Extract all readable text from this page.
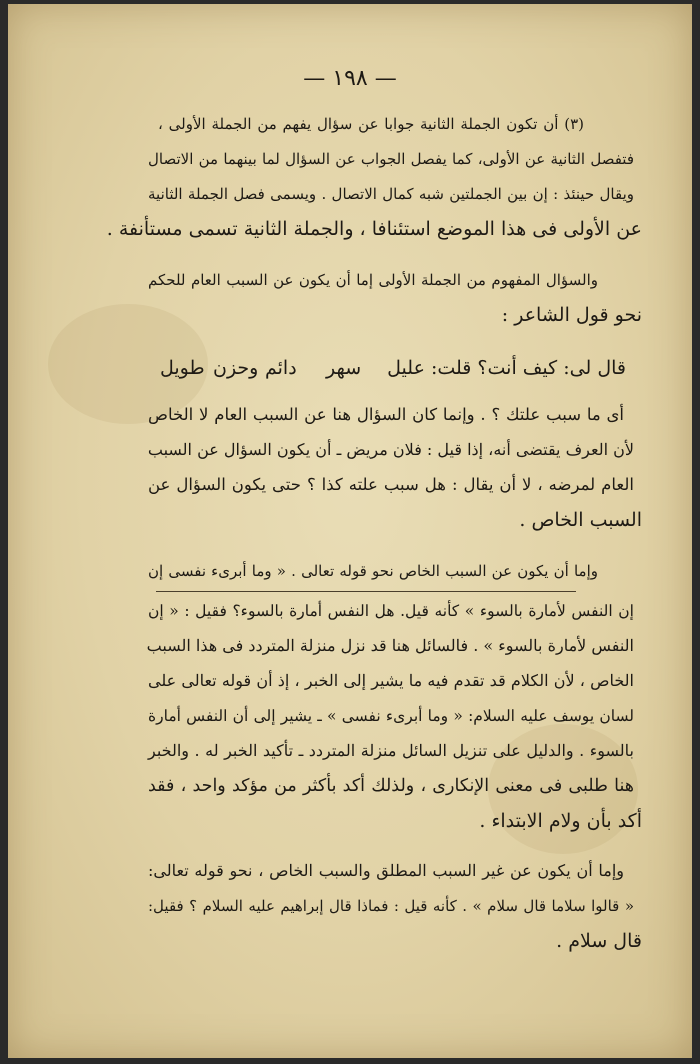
— ١٩٨ —
(٣) أن تكون الجملة الثانية جوابا عن سؤال يفهم من الجملة الأولى ،
فتفصل الثانية عن الأولى، كما يفصل الجواب عن السؤال لما بينهما من الاتصال
ويقال حينئذ : إن بين الجملتين شبه كمال الاتصال . ويسمى فصل الجملة الثانية
عن الأولى فى هذا الموضع استئنافا ، والجملة الثانية تسمى مستأنفة .
والسؤال المفهوم من الجملة الأولى إما أن يكون عن السبب العام للحكم
نحو قول الشاعر :
قال لى: كيف أنت؟ قلت: عليل
سهر
دائم
وحزن
طويل
أى ما سبب علتك ؟ . وإنما كان السؤال هنا عن السبب العام لا الخاص
لأن العرف يقتضى أنه، إذا قيل : فلان مريض ـ أن يكون السؤال عن السبب
العام لمرضه ، لا أن يقال : هل سبب علته كذا ؟ حتى يكون السؤال عن
السبب الخاص .
وإما أن يكون عن السبب الخاص نحو قوله تعالى . « وما أبرىء نفسى إن
إن النفس لأمارة بالسوء » كأنه قيل. هل النفس أمارة بالسوء؟ فقيل : « إن
النفس لأمارة بالسوء » . فالسائل هنا قد نزل منزلة المتردد فى هذا السبب
الخاص ، لأن الكلام قد تقدم فيه ما يشير إلى الخبر ، إذ أن قوله تعالى على
لسان يوسف عليه السلام: « وما أبرىء نفسى » ـ يشير إلى أن النفس أمارة
بالسوء . والدليل على تنزيل السائل منزلة المتردد ـ تأكيد الخبر له . والخبر
هنا طلبى فى معنى الإنكارى ، ولذلك أكد بأكثر من مؤكد واحد ، فقد
أكد بأن ولام الابتداء .
وإما أن يكون عن غير السبب المطلق والسبب الخاص ، نحو قوله تعالى:
« قالوا سلاما قال سلام » . كأنه قيل : فماذا قال إبراهيم عليه السلام ؟ فقيل:
قال سلام .
